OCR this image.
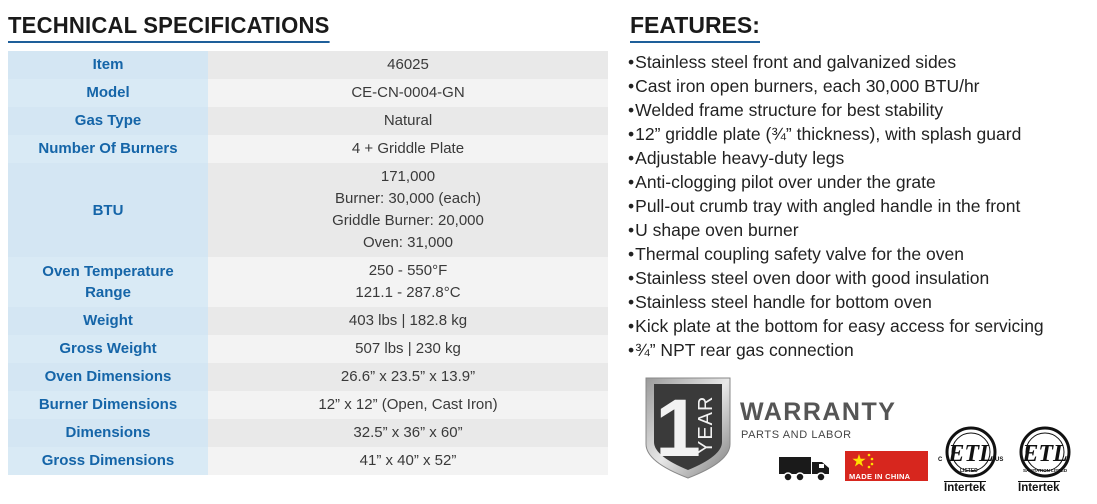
TECHNICAL SPECIFICATIONS
Item	46025

Model	CE-CN-0004-GN

Gas Type	Natural

Number Of Burners	4 + Griddle Plate

BTU	171,000
Burner: 30,000 (each)
Griddle Burner: 20,000
Oven: 31,000

Oven Temperature
Range	250 - 550°F
121.1 - 287.8°C

Weight	403 lbs | 182.8 kg

Gross Weight	507 lbs | 230 kg

Oven Dimensions	26.6” x 23.5” x 13.9”

Burner Dimensions	12” x 12” (Open, Cast Iron)

Dimensions	32.5” x 36” x 60”

Gross Dimensions	41” x 40” x 52”
FEATURES:
• Stainless steel front and galvanized sides
• Cast iron open burners, each 30,000 BTU/hr
• Welded frame structure for best stability
• 12” griddle plate (¾” thickness), with splash guard
• Adjustable heavy-duty legs
• Anti-clogging pilot over under the grate
• Pull-out crumb tray with angled handle in the front
• U shape oven burner
• Thermal coupling safety valve for the oven
• Stainless steel oven door with good insulation
• Stainless steel handle for bottom oven
• Kick plate at the bottom for easy access for servicing
• ¾” NPT rear gas connection
1
YEAR WARRANTY
PARTS AND LABOR
MADE IN CHINA
ETL
C	US
LISTED
Intertek
ETL
SANITATION LISTED
Intertek
